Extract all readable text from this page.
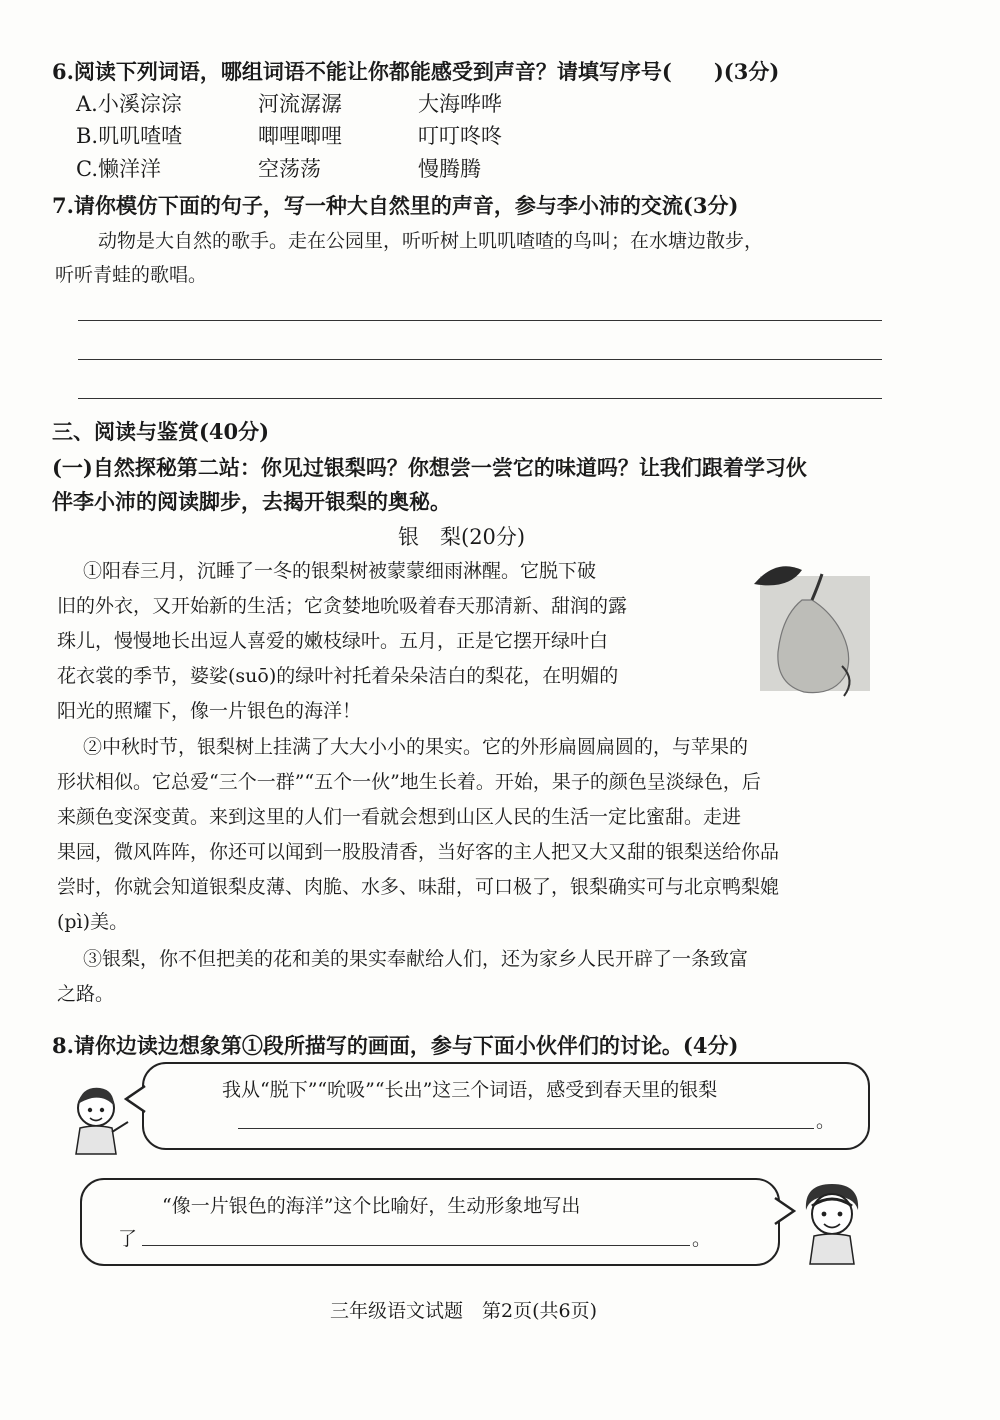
6.阅读下列词语，哪组词语不能让你都能感受到声音？请填写序号(　　)(3分)
A.小溪淙淙	河流潺潺	大海哗哗
B.叽叽喳喳	唧哩唧哩	叮叮咚咚
C.懒洋洋	空荡荡	慢腾腾
7.请你模仿下面的句子，写一种大自然里的声音，参与李小沛的交流(3分)
动物是大自然的歌手。走在公园里，听听树上叽叽喳喳的鸟叫；在水塘边散步，
听听青蛙的歌唱。
三、阅读与鉴赏(40分)
(一)自然探秘第二站：你见过银梨吗？你想尝一尝它的味道吗？让我们跟着学习伙
伴李小沛的阅读脚步，去揭开银梨的奥秘。
银　梨(20分)
①阳春三月，沉睡了一冬的银梨树被蒙蒙细雨淋醒。它脱下破
旧的外衣，又开始新的生活；它贪婪地吮吸着春天那清新、甜润的露
珠儿，慢慢地长出逗人喜爱的嫩枝绿叶。五月，正是它摆开绿叶白
花衣裳的季节，婆娑(suō)的绿叶衬托着朵朵洁白的梨花，在明媚的
阳光的照耀下，像一片银色的海洋！
②中秋时节，银梨树上挂满了大大小小的果实。它的外形扁圆扁圆的，与苹果的
形状相似。它总爱“三个一群”“五个一伙”地生长着。开始，果子的颜色呈淡绿色，后
来颜色变深变黄。来到这里的人们一看就会想到山区人民的生活一定比蜜甜。走进
果园，微风阵阵，你还可以闻到一股股清香，当好客的主人把又大又甜的银梨送给你品
尝时，你就会知道银梨皮薄、肉脆、水多、味甜，可口极了，银梨确实可与北京鸭梨媲
(pì)美。
③银梨，你不但把美的花和美的果实奉献给人们，还为家乡人民开辟了一条致富
之路。
8.请你边读边想象第①段所描写的画面，参与下面小伙伴们的讨论。(4分)
我从“脱下”“吮吸”“长出”这三个词语，感受到春天里的银梨
。
“像一片银色的海洋”这个比喻好，生动形象地写出
了	。
三年级语文试题　第2页(共6页)
